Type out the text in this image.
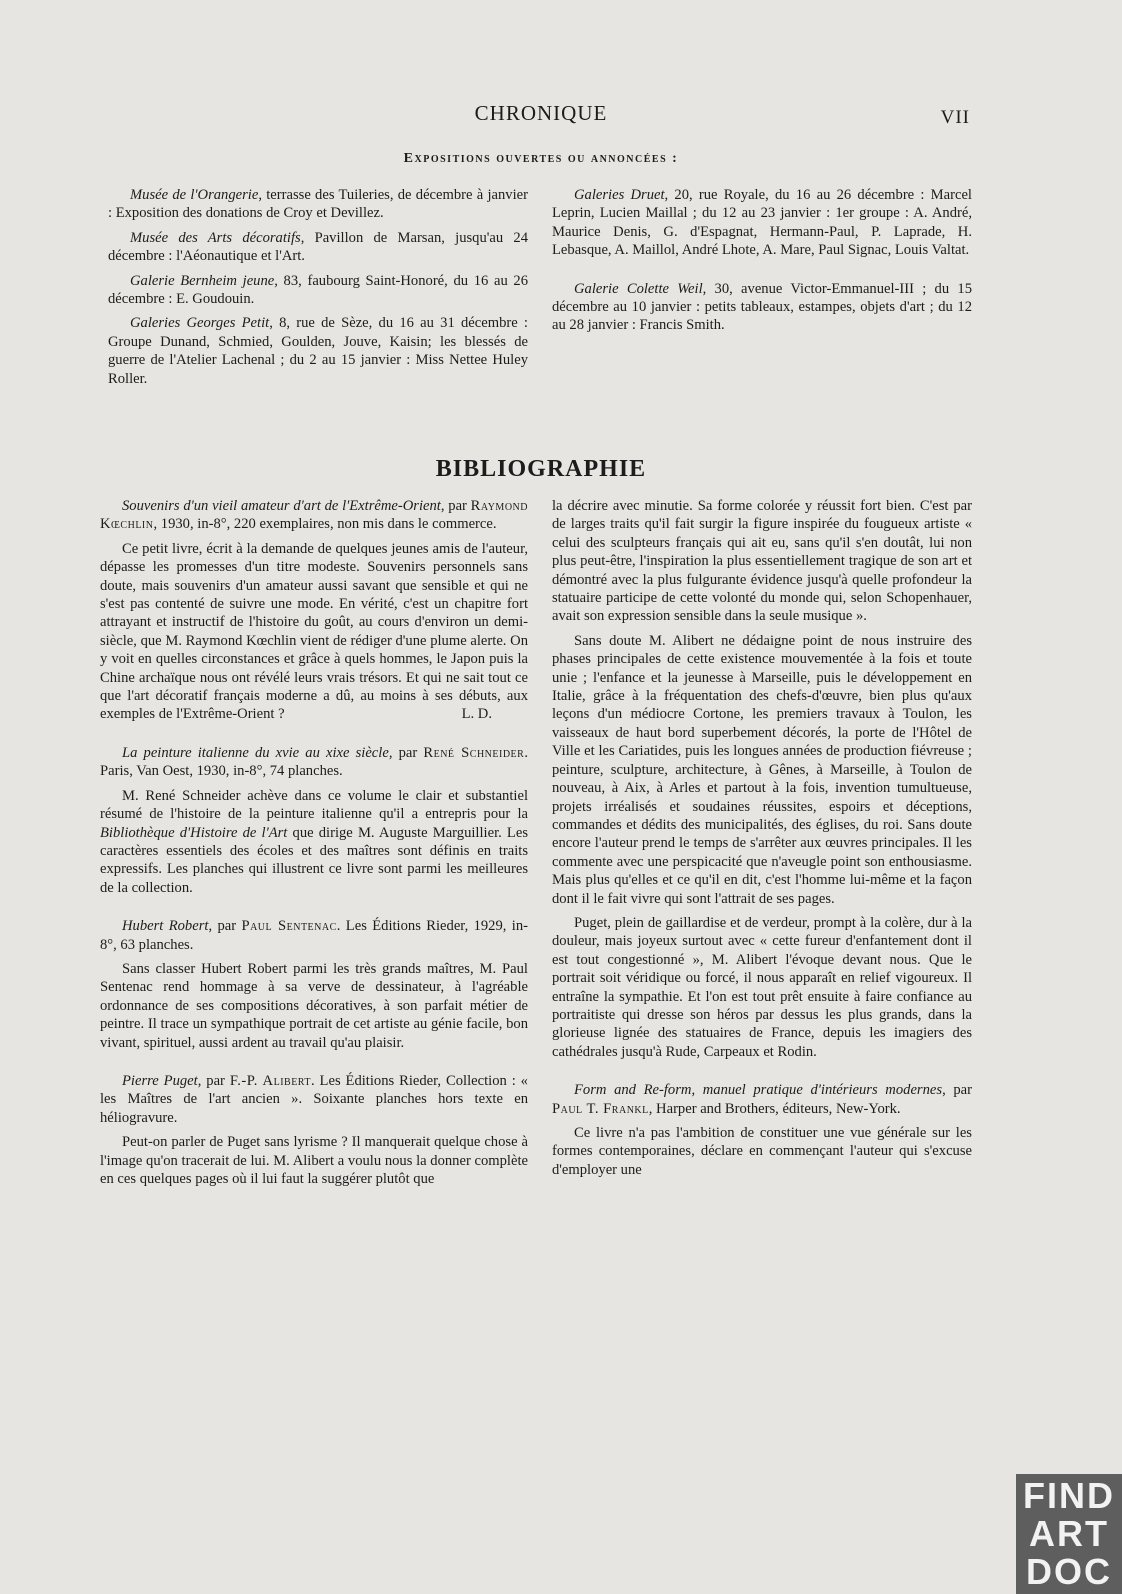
CHRONIQUE	VII
Expositions ouvertes ou annoncées :

Musée de l'Orangerie, terrasse des Tuileries, de décembre à janvier : Exposition des donations de Croy et Devillez.

Musée des Arts décoratifs, Pavillon de Marsan, jusqu'au 24 décembre : l'Aéonautique et l'Art.

Galerie Bernheim jeune, 83, faubourg Saint-Honoré, du 16 au 26 décembre : E. Goudouin.

Galeries Georges Petit, 8, rue de Sèze, du 16 au 31 décembre : Groupe Dunand, Schmied, Goulden, Jouve, Kaisin; les blessés de guerre de l'Atelier Lachenal ; du 2 au 15 janvier : Miss Nettee Huley Roller.

Galeries Druet, 20, rue Royale, du 16 au 26 décembre : Marcel Leprin, Lucien Maillal ; du 12 au 23 janvier : 1er groupe : A. André, Maurice Denis, G. d'Espagnat, Hermann-Paul, P. Laprade, H. Lebasque, A. Maillol, André Lhote, A. Mare, Paul Signac, Louis Valtat.

Galerie Colette Weil, 30, avenue Victor-Emmanuel-III ; du 15 décembre au 10 janvier : petits tableaux, estampes, objets d'art ; du 12 au 28 janvier : Francis Smith.

BIBLIOGRAPHIE

Souvenirs d'un vieil amateur d'art de l'Extrême-Orient, par Raymond Kœchlin, 1930, in-8°, 220 exemplaires, non mis dans le commerce.

Ce petit livre, écrit à la demande de quelques jeunes amis de l'auteur, dépasse les promesses d'un titre modeste. Souvenirs personnels sans doute, mais souvenirs d'un amateur aussi savant que sensible et qui ne s'est pas contenté de suivre une mode. En vérité, c'est un chapitre fort attrayant et instructif de l'histoire du goût, au cours d'environ un demi-siècle, que M. Raymond Kœchlin vient de rédiger d'une plume alerte. On y voit en quelles circonstances et grâce à quels hommes, le Japon puis la Chine archaïque nous ont révélé leurs vrais trésors. Et qui ne sait tout ce que l'art décoratif français moderne a dû, au moins à ses débuts, aux exemples de l'Extrême-Orient ?	L. D.

La peinture italienne du xvie au xixe siècle, par René Schneider. Paris, Van Oest, 1930, in-8°, 74 planches.

M. René Schneider achève dans ce volume le clair et substantiel résumé de l'histoire de la peinture italienne qu'il a entrepris pour la Bibliothèque d'Histoire de l'Art que dirige M. Auguste Marguillier. Les caractères essentiels des écoles et des maîtres sont définis en traits expressifs. Les planches qui illustrent ce livre sont parmi les meilleures de la collection.

Hubert Robert, par Paul Sentenac. Les Éditions Rieder, 1929, in-8°, 63 planches.

Sans classer Hubert Robert parmi les très grands maîtres, M. Paul Sentenac rend hommage à sa verve de dessinateur, à l'agréable ordonnance de ses compositions décoratives, à son parfait métier de peintre. Il trace un sympathique portrait de cet artiste au génie facile, bon vivant, spirituel, aussi ardent au travail qu'au plaisir.

Pierre Puget, par F.-P. Alibert. Les Éditions Rieder, Collection : « les Maîtres de l'art ancien ». Soixante planches hors texte en héliogravure.

Peut-on parler de Puget sans lyrisme ? Il manquerait quelque chose à l'image qu'on tracerait de lui. M. Alibert a voulu nous la donner complète en ces quelques pages où il lui faut la suggérer plutôt que

la décrire avec minutie. Sa forme colorée y réussit fort bien. C'est par de larges traits qu'il fait surgir la figure inspirée du fougueux artiste « celui des sculpteurs français qui ait eu, sans qu'il s'en doutât, lui non plus peut-être, l'inspiration la plus essentiellement tragique de son art et démontré avec la plus fulgurante évidence jusqu'à quelle profondeur la statuaire participe de cette volonté du monde qui, selon Schopenhauer, avait son expression sensible dans la seule musique ».

Sans doute M. Alibert ne dédaigne point de nous instruire des phases principales de cette existence mouvementée à la fois et toute unie ; l'enfance et la jeunesse à Marseille, puis le développement en Italie, grâce à la fréquentation des chefs-d'œuvre, bien plus qu'aux leçons d'un médiocre Cortone, les premiers travaux à Toulon, les vaisseaux de haut bord superbement décorés, la porte de l'Hôtel de Ville et les Cariatides, puis les longues années de production fiévreuse ; peinture, sculpture, architecture, à Gênes, à Marseille, à Toulon de nouveau, à Aix, à Arles et partout à la fois, invention tumultueuse, projets irréalisés et soudaines réussites, espoirs et déceptions, commandes et dédits des municipalités, des églises, du roi. Sans doute encore l'auteur prend le temps de s'arrêter aux œuvres principales. Il les commente avec une perspicacité que n'aveugle point son enthousiasme. Mais plus qu'elles et ce qu'il en dit, c'est l'homme lui-même et la façon dont il le fait vivre qui sont l'attrait de ses pages.

Puget, plein de gaillardise et de verdeur, prompt à la colère, dur à la douleur, mais joyeux surtout avec « cette fureur d'enfantement dont il est tout congestionné », M. Alibert l'évoque devant nous. Que le portrait soit véridique ou forcé, il nous apparaît en relief vigoureux. Il entraîne la sympathie. Et l'on est tout prêt ensuite à faire confiance au portraitiste qui dresse son héros par dessus les plus grands, dans la glorieuse lignée des statuaires de France, depuis les imagiers des cathédrales jusqu'à Rude, Carpeaux et Rodin.

Form and Re-form, manuel pratique d'intérieurs modernes, par Paul T. Frankl, Harper and Brothers, éditeurs, New-York.

Ce livre n'a pas l'ambition de constituer une vue générale sur les formes contemporaines, déclare en commençant l'auteur qui s'excuse d'employer une

FIND
ART
DOC
